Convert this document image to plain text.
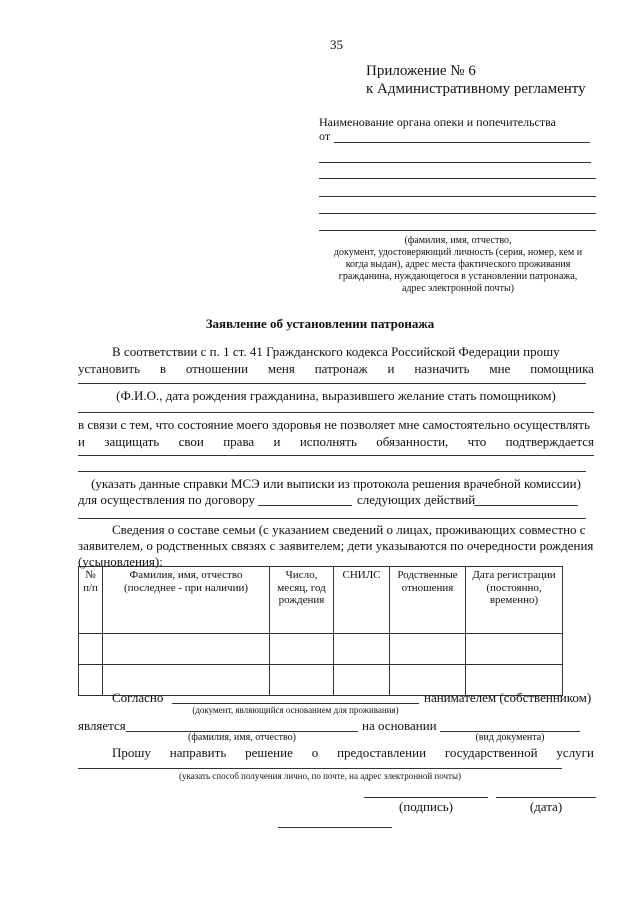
35
Приложение № 6
к Административному регламенту
Наименование органа опеки и попечительства
от
(фамилия, имя, отчество,
документ, удостоверяющий личность (серия, номер, кем и
когда выдан), адрес места фактического проживания
гражданина, нуждающегося в установлении патронажа,
адрес электронной почты)
Заявление об установлении патронажа
В соответствии с п. 1 ст. 41 Гражданского кодекса Российской Федерации прошу
установить в отношении меня патронаж и назначить мне помощника
(Ф.И.О., дата рождения гражданина, выразившего желание стать помощником)
в связи с тем, что состояние моего здоровья не позволяет мне самостоятельно осуществлять
и защищать свои права и исполнять обязанности, что подтверждается
(указать данные справки МСЭ или выписки из протокола решения врачебной комиссии)
для осуществления по договору	следующих действий
Сведения о составе семьи (с указанием сведений о лицах, проживающих совместно с
заявителем, о родственных связях с заявителем; дети указываются по очередности рождения
(усыновления):
№ п/п	Фамилия, имя, отчество (последнее - при наличии)	Число, месяц, год рождения	СНИЛС	Родственные отношения	Дата регистрации (постоянно, временно)

Согласно	нанимателем (собственником)
(документ, являющийся основанием для проживания)
является	на основании
(фамилия, имя, отчество)	(вид документа)
Прошу направить решение о предоставлении государственной услуги
(указать способ получения лично, по почте, на адрес электронной почты)
(подпись)	(дата)
